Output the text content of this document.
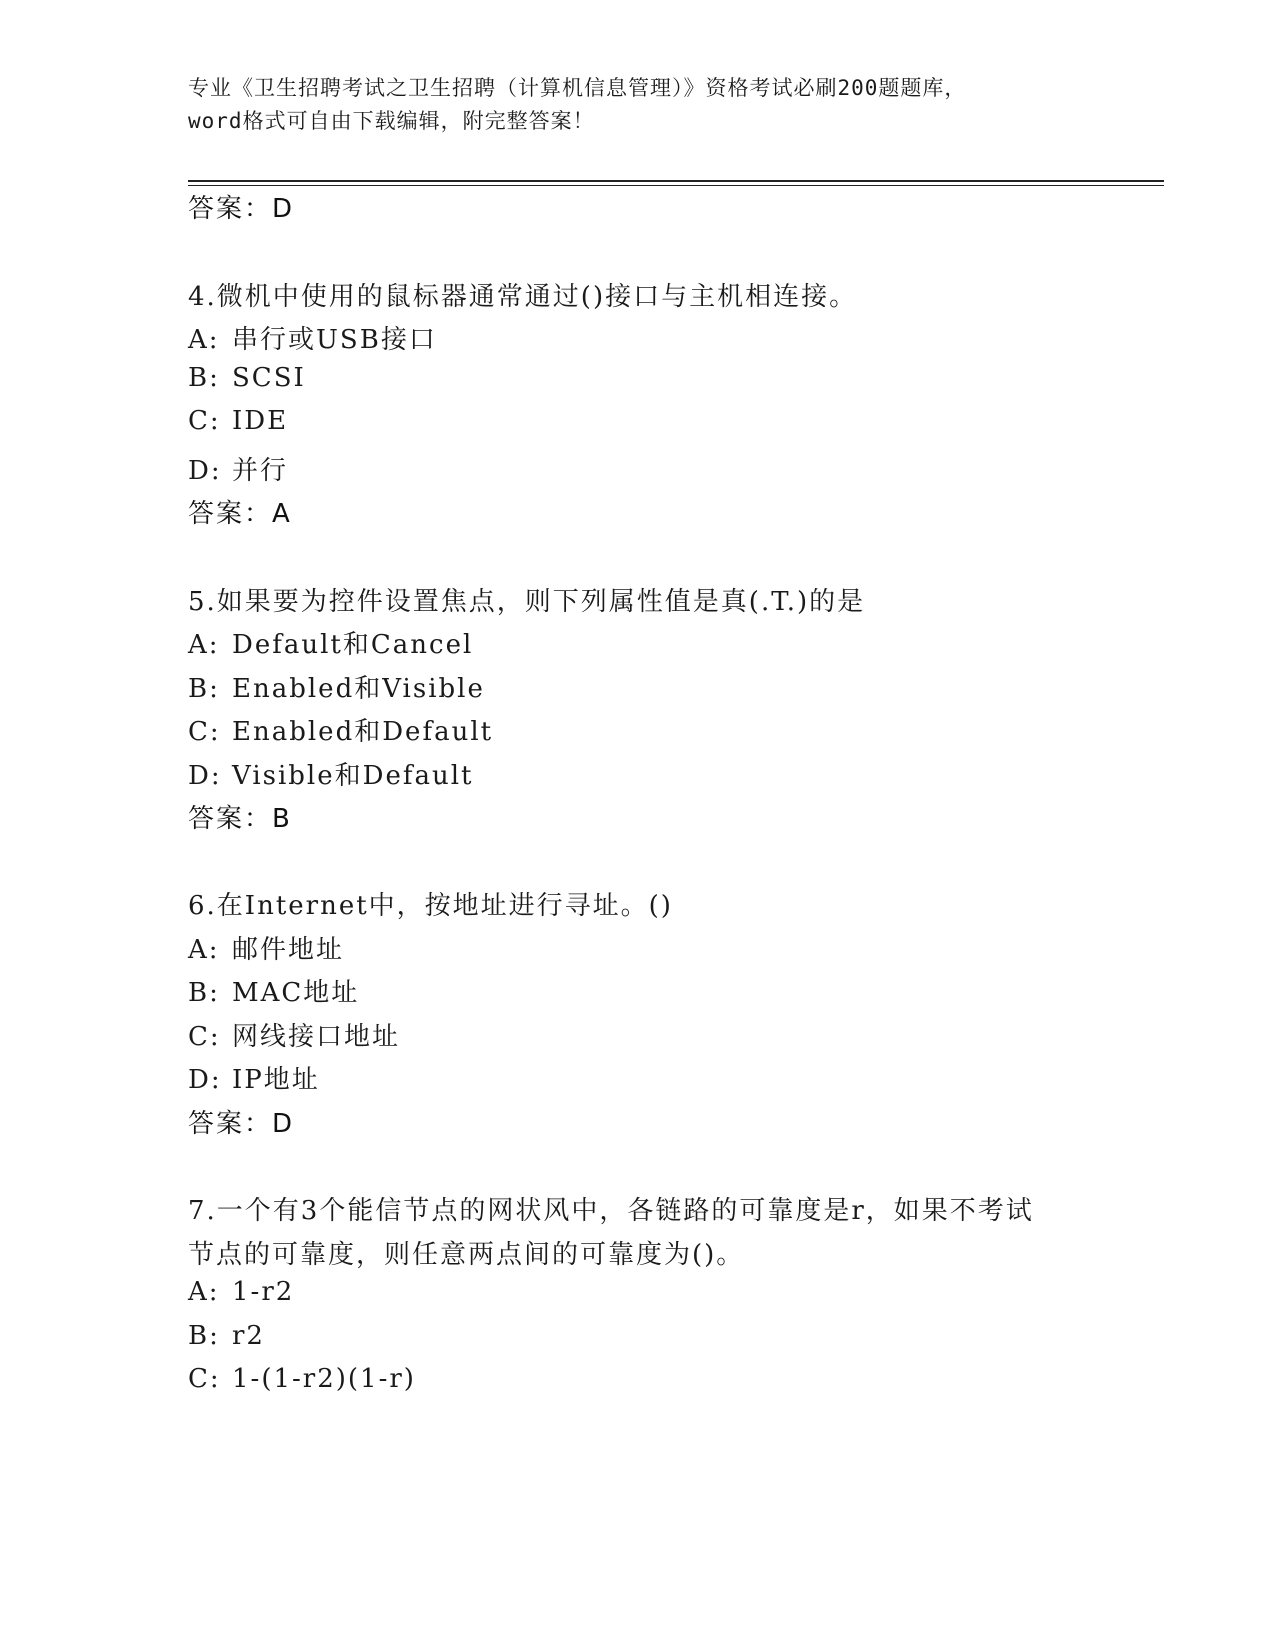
专业《卫生招聘考试之卫生招聘（计算机信息管理）》资格考试必刷200题题库，
word格式可自由下载编辑，附完整答案！
答案：D
4.微机中使用的鼠标器通常通过()接口与主机相连接。
A: 串行或USB接口
B: SCSI
C: IDE
D: 并行
答案：A
5.如果要为控件设置焦点，则下列属性值是真(.T.)的是
A: Default和Cancel
B: Enabled和Visible
C: Enabled和Default
D: Visible和Default
答案：B
6.在Internet中，按地址进行寻址。()
A: 邮件地址
B: MAC地址
C: 网线接口地址
D: IP地址
答案：D
7.一个有3个能信节点的网状风中，各链路的可靠度是r，如果不考试
节点的可靠度，则任意两点间的可靠度为()。
A: 1-r2
B: r2
C: 1-(1-r2)(1-r)
